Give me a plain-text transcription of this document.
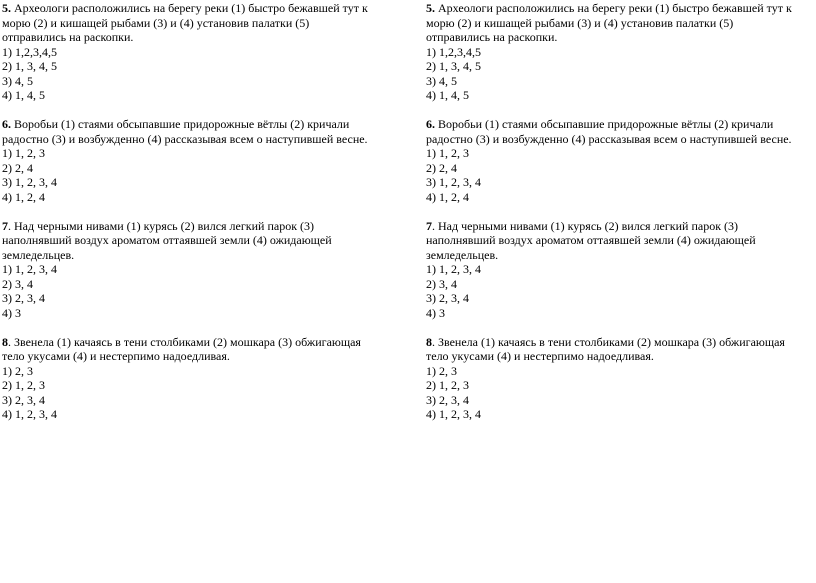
5. Археологи расположились на берегу реки (1) быстро бежавшей тут к
морю (2) и кишащей рыбами (3) и (4) установив палатки (5)
отправились на раскопки.
1) 1,2,3,4,5
2) 1, 3, 4, 5
3) 4, 5
4) 1, 4, 5
6. Воробьи (1) стаями обсыпавшие придорожные вётлы (2) кричали
радостно (3) и возбужденно (4) рассказывая всем о наступившей весне.
1) 1, 2, 3
2) 2, 4
3) 1, 2, 3, 4
4) 1, 2, 4
7. Над черными нивами (1) курясь (2) вился легкий парок (3)
наполнявший воздух ароматом оттаявшей земли (4) ожидающей
земледельцев.
1) 1, 2, 3, 4
2) 3, 4
3) 2, 3, 4
4) 3
8. Звенела (1) качаясь в тени столбиками (2) мошкара (3) обжигающая
тело укусами (4) и нестерпимо надоедливая.
1) 2, 3
2) 1, 2, 3
3) 2, 3, 4
4) 1, 2, 3, 4
5. Археологи расположились на берегу реки (1) быстро бежавшей тут к
морю (2) и кишащей рыбами (3) и (4) установив палатки (5)
отправились на раскопки.
1) 1,2,3,4,5
2) 1, 3, 4, 5
3) 4, 5
4) 1, 4, 5
6. Воробьи (1) стаями обсыпавшие придорожные вётлы (2) кричали
радостно (3) и возбужденно (4) рассказывая всем о наступившей весне.
1) 1, 2, 3
2) 2, 4
3) 1, 2, 3, 4
4) 1, 2, 4
7. Над черными нивами (1) курясь (2) вился легкий парок (3)
наполнявший воздух ароматом оттаявшей земли (4) ожидающей
земледельцев.
1) 1, 2, 3, 4
2) 3, 4
3) 2, 3, 4
4) 3
8. Звенела (1) качаясь в тени столбиками (2) мошкара (3) обжигающая
тело укусами (4) и нестерпимо надоедливая.
1) 2, 3
2) 1, 2, 3
3) 2, 3, 4
4) 1, 2, 3, 4
